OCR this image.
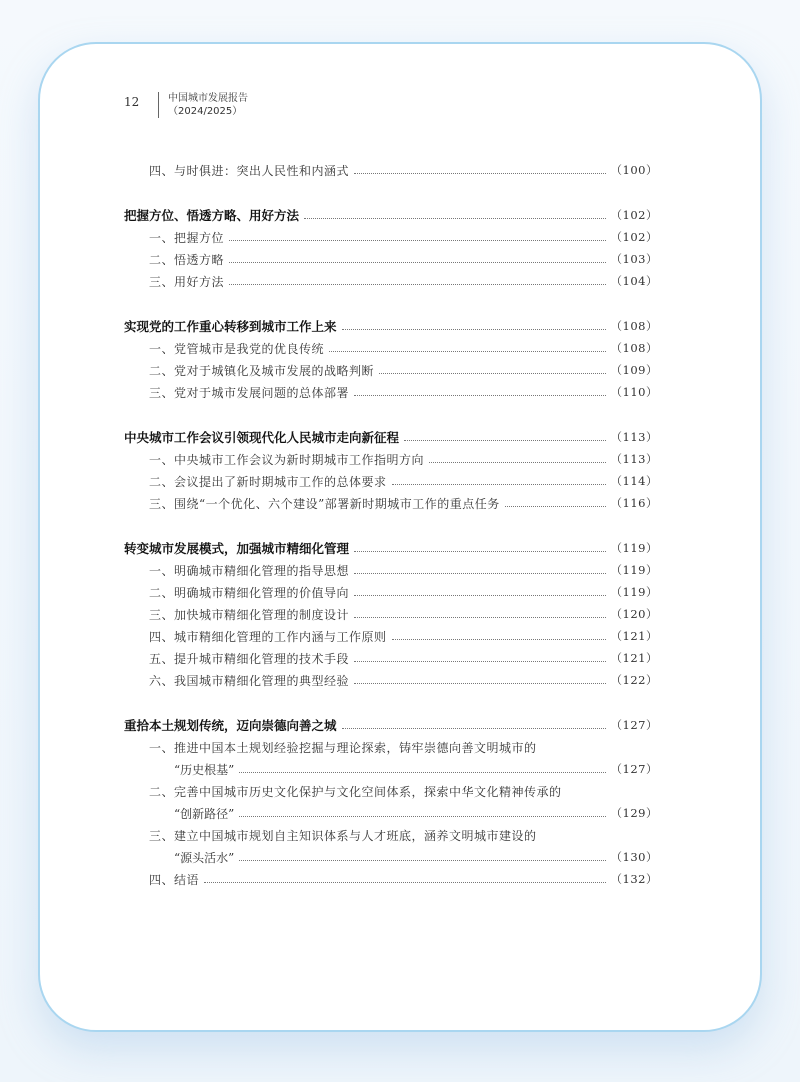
12	中国城市发展报告
（2024/2025）
四、与时俱进：突出人民性和内涵式	（100）
把握方位、悟透方略、用好方法	（102）
一、把握方位	（102）
二、悟透方略	（103）
三、用好方法	（104）
实现党的工作重心转移到城市工作上来	（108）
一、党管城市是我党的优良传统	（108）
二、党对于城镇化及城市发展的战略判断	（109）
三、党对于城市发展问题的总体部署	（110）
中央城市工作会议引领现代化人民城市走向新征程	（113）
一、中央城市工作会议为新时期城市工作指明方向	（113）
二、会议提出了新时期城市工作的总体要求	（114）
三、围绕“一个优化、六个建设”部署新时期城市工作的重点任务	（116）
转变城市发展模式，加强城市精细化管理	（119）
一、明确城市精细化管理的指导思想	（119）
二、明确城市精细化管理的价值导向	（119）
三、加快城市精细化管理的制度设计	（120）
四、城市精细化管理的工作内涵与工作原则	（121）
五、提升城市精细化管理的技术手段	（121）
六、我国城市精细化管理的典型经验	（122）
重拾本土规划传统，迈向崇德向善之城	（127）
一、推进中国本土规划经验挖掘与理论探索，铸牢崇德向善文明城市的
“历史根基”	（127）
二、完善中国城市历史文化保护与文化空间体系，探索中华文化精神传承的
“创新路径”	（129）
三、建立中国城市规划自主知识体系与人才班底，涵养文明城市建设的
“源头活水”	（130）
四、结语	（132）
